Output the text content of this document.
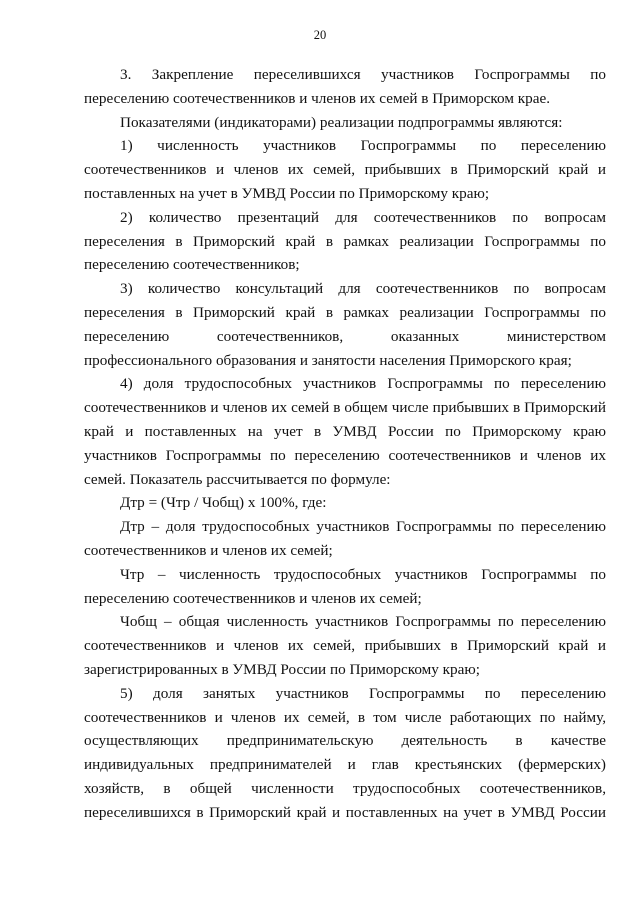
20

3. Закрепление переселившихся участников Госпрограммы по переселению соотечественников и членов их семей в Приморском крае.

Показателями (индикаторами) реализации подпрограммы являются:

1) численность участников Госпрограммы по переселению соотечественников и членов их семей, прибывших в Приморский край и поставленных на учет в УМВД России по Приморскому краю;

2) количество презентаций для соотечественников по вопросам переселения в Приморский край в рамках реализации Госпрограммы по переселению соотечественников;

3) количество консультаций для соотечественников по вопросам переселения в Приморский край в рамках реализации Госпрограммы по переселению соотечественников, оказанных министерством профессионального образования и занятости населения Приморского края;

4) доля трудоспособных участников Госпрограммы по переселению соотечественников и членов их семей в общем числе прибывших в Приморский край и поставленных на учет в УМВД России по Приморскому краю участников Госпрограммы по переселению соотечественников и членов их семей. Показатель рассчитывается по формуле:

Дтр = (Чтр / Чобщ) x 100%, где:

Дтр – доля трудоспособных участников Госпрограммы по переселению соотечественников и членов их семей;

Чтр – численность трудоспособных участников Госпрограммы по переселению соотечественников и членов их семей;

Чобщ – общая численность участников Госпрограммы по переселению соотечественников и членов их семей, прибывших в Приморский край и зарегистрированных в УМВД России по Приморскому краю;

5) доля занятых участников Госпрограммы по переселению соотечественников и членов их семей, в том числе работающих по найму, осуществляющих предпринимательскую деятельность в качестве индивидуальных предпринимателей и глав крестьянских (фермерских) хозяйств, в общей численности трудоспособных соотечественников, переселившихся в Приморский край и поставленных на учет в УМВД России
